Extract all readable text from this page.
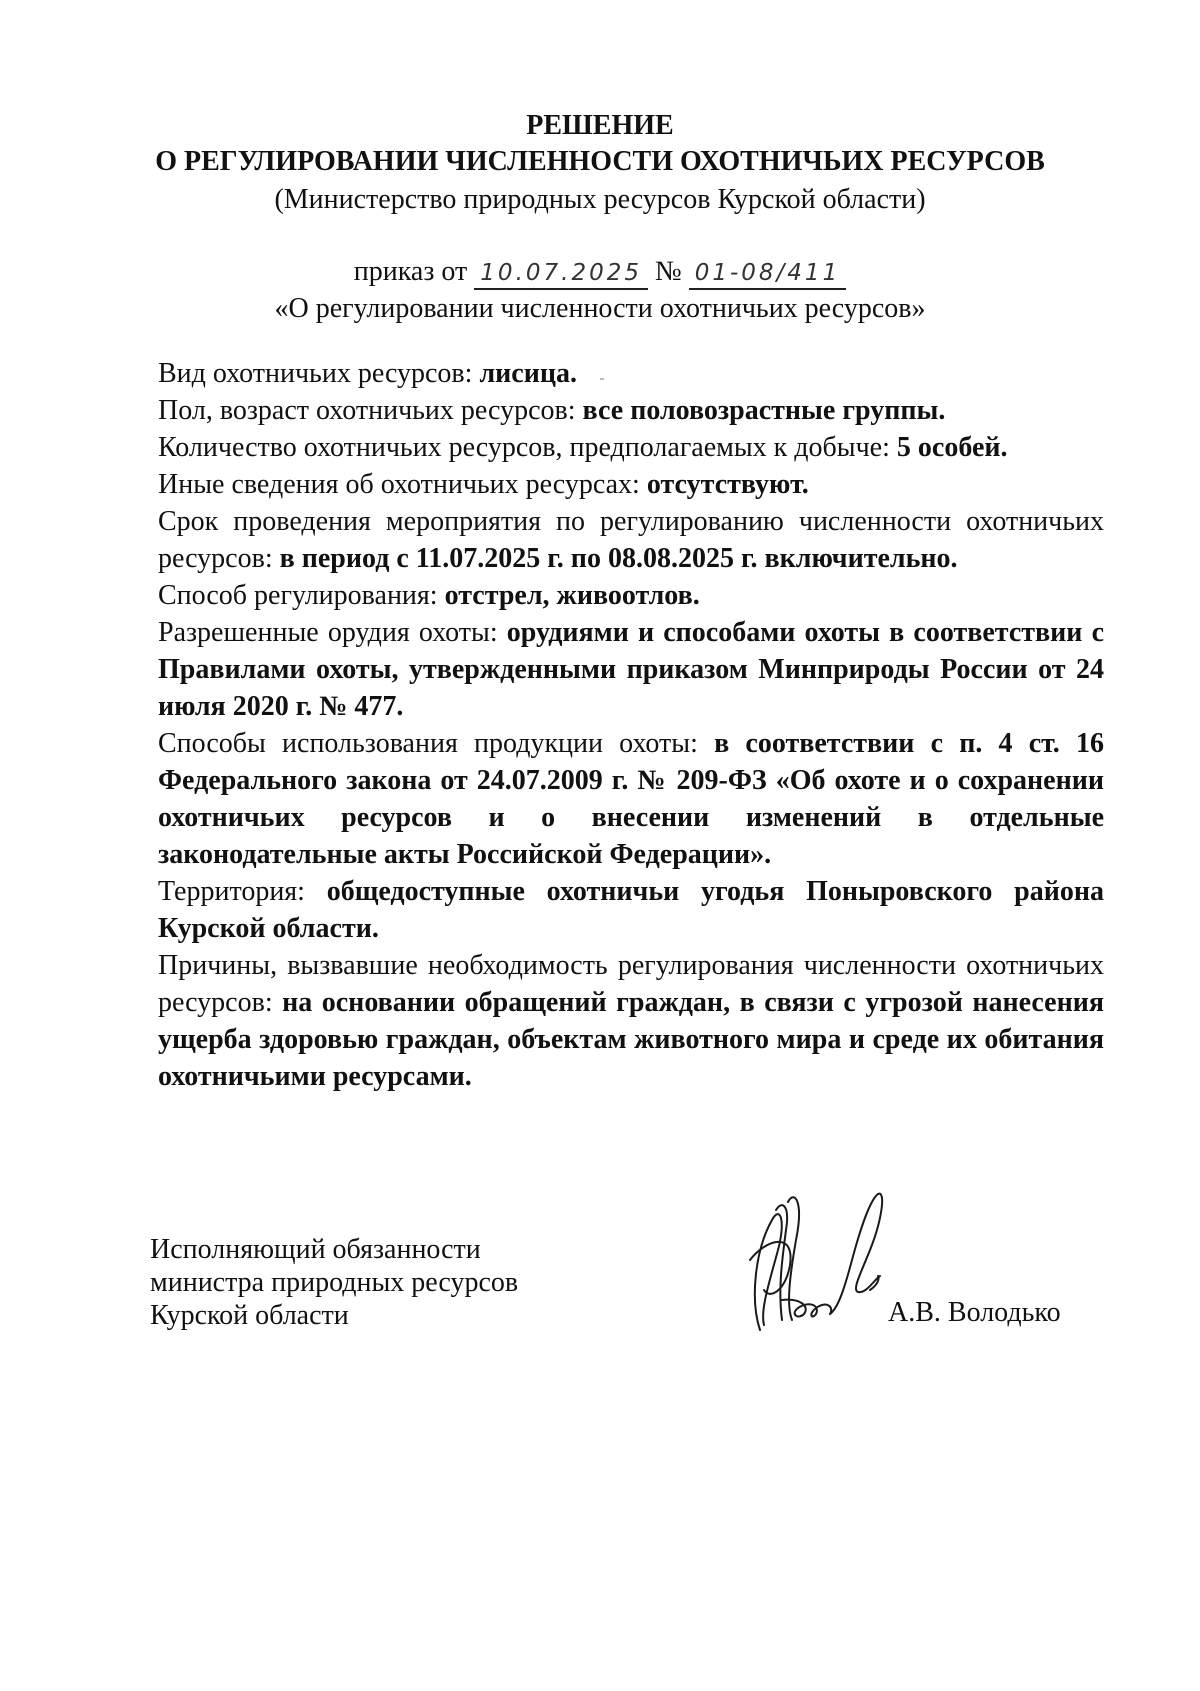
РЕШЕНИЕ
О РЕГУЛИРОВАНИИ ЧИСЛЕННОСТИ ОХОТНИЧЬИХ РЕСУРСОВ
(Министерство природных ресурсов Курской области)
приказ от 10.07.2025 № 01-08/411
«О регулировании численности охотничьих ресурсов»

Вид охотничьих ресурсов: лисица.

Пол, возраст охотничьих ресурсов: все половозрастные группы.

Количество охотничьих ресурсов, предполагаемых к добыче: 5 особей.

Иные сведения об охотничьих ресурсах: отсутствуют.

Срок проведения мероприятия по регулированию численности охотничьих ресурсов: в период с 11.07.2025 г. по 08.08.2025 г. включительно.

Способ регулирования: отстрел, живоотлов.

Разрешенные орудия охоты: орудиями и способами охоты в соответствии с Правилами охоты, утвержденными приказом Минприроды России от 24 июля 2020 г. № 477.

Способы использования продукции охоты: в соответствии с п. 4 ст. 16 Федерального закона от 24.07.2009 г. № 209-ФЗ «Об охоте и о сохранении охотничьих ресурсов и о внесении изменений в отдельные законодательные акты Российской Федерации».

Территория: общедоступные охотничьи угодья Поныровского района Курской области.

Причины, вызвавшие необходимость регулирования численности охотничьих ресурсов: на основании обращений граждан, в связи с угрозой нанесения ущерба здоровью граждан, объектам животного мира и среде их обитания охотничьими ресурсами.

Исполняющий обязанности
министра природных ресурсов
Курской области	А.В. Володько
